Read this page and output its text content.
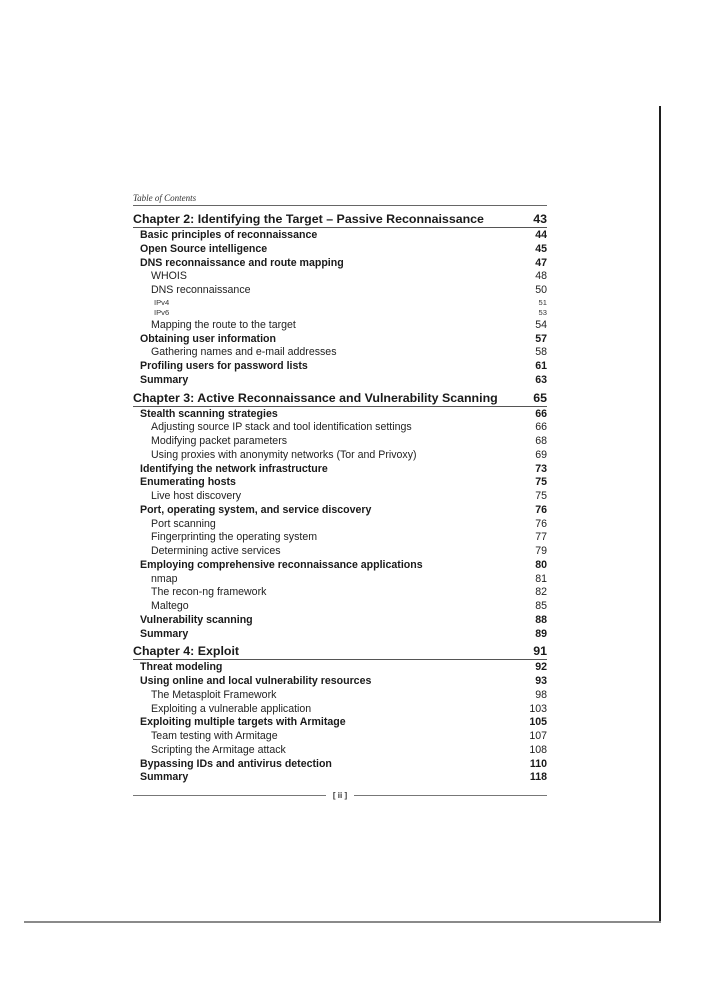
Table of Contents
Chapter 2: Identifying the Target – Passive Reconnaissance	43
Basic principles of reconnaissance	44
Open Source intelligence	45
DNS reconnaissance and route mapping	47
WHOIS	48
DNS reconnaissance	50
IPv4	51
IPv6	53
Mapping the route to the target	54
Obtaining user information	57
Gathering names and e-mail addresses	58
Profiling users for password lists	61
Summary	63
Chapter 3: Active Reconnaissance and Vulnerability Scanning	65
Stealth scanning strategies	66
Adjusting source IP stack and tool identification settings	66
Modifying packet parameters	68
Using proxies with anonymity networks (Tor and Privoxy)	69
Identifying the network infrastructure	73
Enumerating hosts	75
Live host discovery	75
Port, operating system, and service discovery	76
Port scanning	76
Fingerprinting the operating system	77
Determining active services	79
Employing comprehensive reconnaissance applications	80
nmap	81
The recon-ng framework	82
Maltego	85
Vulnerability scanning	88
Summary	89
Chapter 4: Exploit	91
Threat modeling	92
Using online and local vulnerability resources	93
The Metasploit Framework	98
Exploiting a vulnerable application	103
Exploiting multiple targets with Armitage	105
Team testing with Armitage	107
Scripting the Armitage attack	108
Bypassing IDs and antivirus detection	110
Summary	118
[ ii ]
